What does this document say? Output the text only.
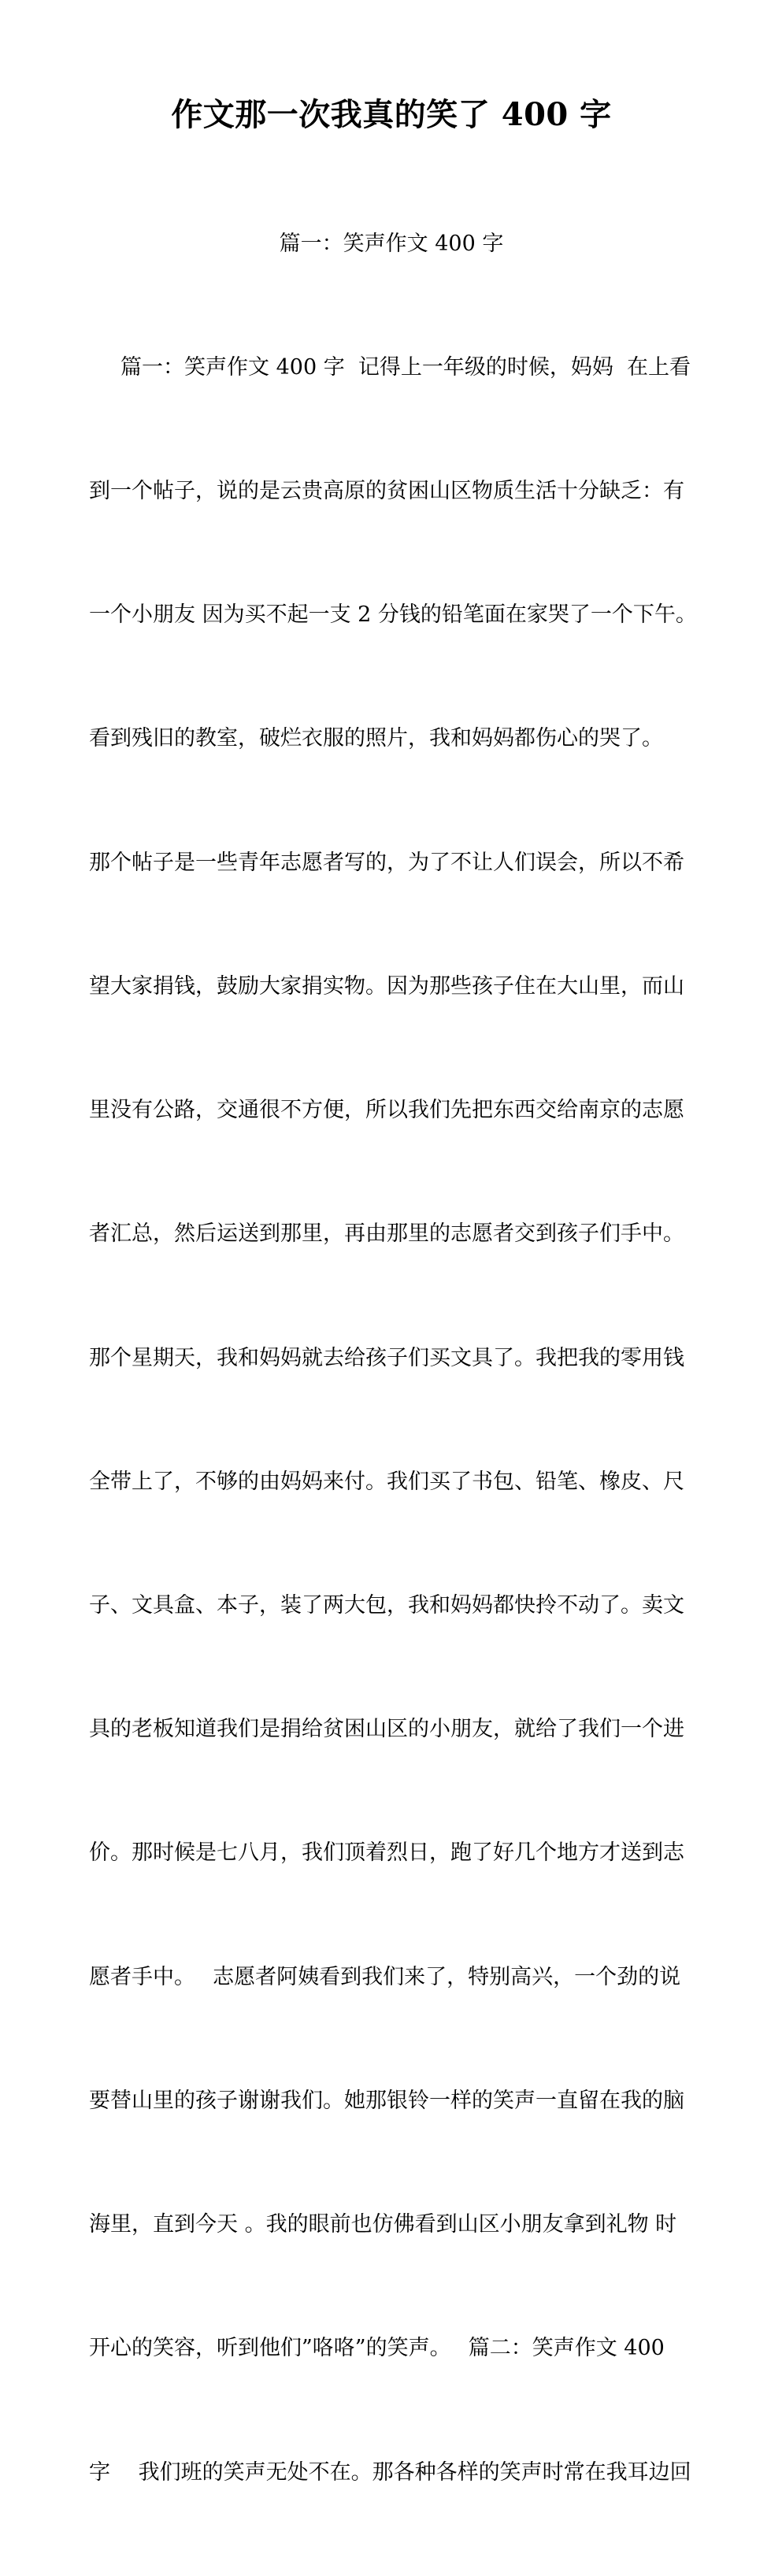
作文那一次我真的笑了 400 字
篇一：笑声作文 400 字

篇一：笑声作文 400 字  记得上一年级的时候，妈妈  在上看

到一个帖子，说的是云贵高原的贫困山区物质生活十分缺乏：有

一个小朋友 因为买不起一支 2 分钱的铅笔面在家哭了一个下午。

看到残旧的教室，破烂衣服的照片，我和妈妈都伤心的哭了。

那个帖子是一些青年志愿者写的，为了不让人们误会，所以不希

望大家捐钱，鼓励大家捐实物。因为那些孩子住在大山里，而山

里没有公路，交通很不方便，所以我们先把东西交给南京的志愿

者汇总，然后运送到那里，再由那里的志愿者交到孩子们手中。

那个星期天，我和妈妈就去给孩子们买文具了。我把我的零用钱

全带上了，不够的由妈妈来付。我们买了书包、铅笔、橡皮、尺

子、文具盒、本子，装了两大包，我和妈妈都快拎不动了。卖文

具的老板知道我们是捐给贫困山区的小朋友，就给了我们一个进

价。那时候是七八月，我们顶着烈日，跑了好几个地方才送到志

愿者手中。　 志愿者阿姨看到我们来了，特别高兴，一个劲的说

要替山里的孩子谢谢我们。她那银铃一样的笑声一直留在我的脑

海里，直到今天 。我的眼前也仿佛看到山区小朋友拿到礼物 时

开心的笑容，听到他们”咯咯”的笑声。　 篇二：笑声作文 400

字　 我们班的笑声无处不在。那各种各样的笑声时常在我耳边回
